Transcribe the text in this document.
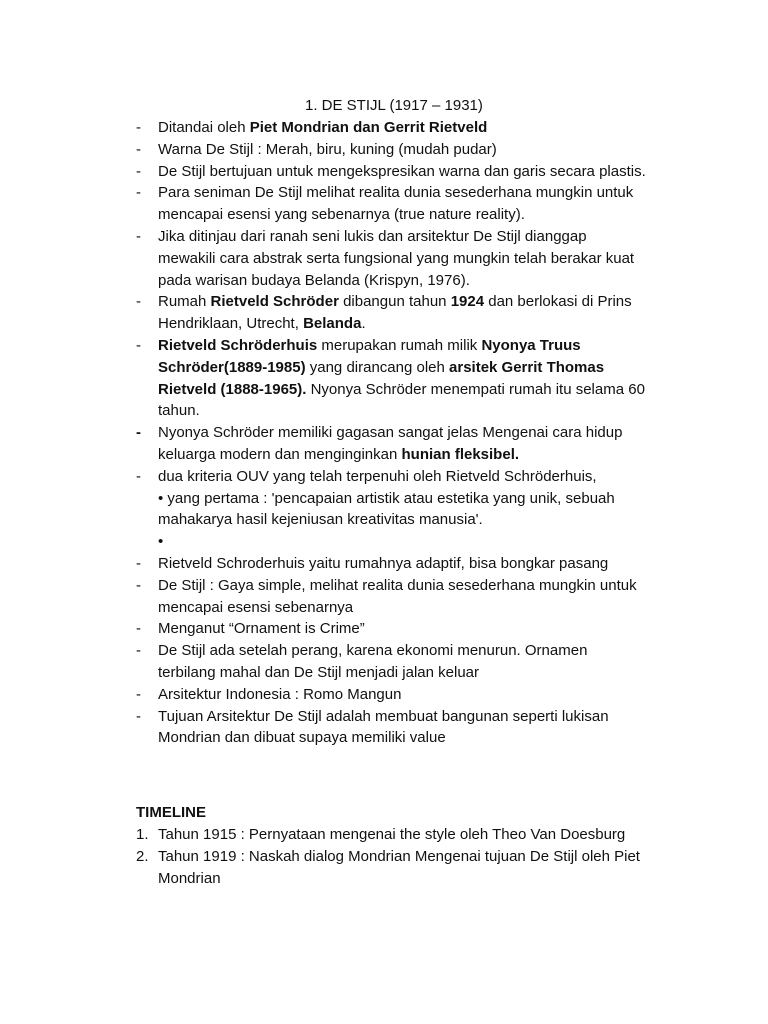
1. DE STIJL (1917 – 1931)
- Ditandai oleh Piet Mondrian dan Gerrit Rietveld
- Warna De Stijl : Merah, biru, kuning (mudah pudar)
- De Stijl bertujuan untuk mengekspresikan warna dan garis secara plastis.
- Para seniman De Stijl melihat realita dunia sesederhana mungkin untuk
mencapai esensi yang sebenarnya (true nature reality).
- Jika ditinjau dari ranah seni lukis dan arsitektur De Stijl dianggap
mewakili cara abstrak serta fungsional yang mungkin telah berakar kuat
pada warisan budaya Belanda (Krispyn, 1976).
- Rumah Rietveld Schröder dibangun tahun 1924 dan berlokasi di Prins
Hendriklaan, Utrecht, Belanda.
- Rietveld Schröderhuis merupakan rumah milik Nyonya Truus
Schröder(1889-1985) yang dirancang oleh arsitek Gerrit Thomas
Rietveld (1888-1965). Nyonya Schröder menempati rumah itu selama 60
tahun.
- Nyonya Schröder memiliki gagasan sangat jelas Mengenai cara hidup
keluarga modern dan menginginkan hunian fleksibel.
- dua kriteria OUV yang telah terpenuhi oleh Rietveld Schröderhuis,
• yang pertama : 'pencapaian artistik atau estetika yang unik, sebuah
mahakarya hasil kejeniusan kreativitas manusia'.
•
- Rietveld Schroderhuis yaitu rumahnya adaptif, bisa bongkar pasang
- De Stijl : Gaya simple, melihat realita dunia sesederhana mungkin untuk
mencapai esensi sebenarnya
- Menganut “Ornament is Crime”
- De Stijl ada setelah perang, karena ekonomi menurun. Ornamen
terbilang mahal dan De Stijl menjadi jalan keluar
- Arsitektur Indonesia : Romo Mangun
- Tujuan Arsitektur De Stijl adalah membuat bangunan seperti lukisan
Mondrian dan dibuat supaya memiliki value
TIMELINE
1. Tahun 1915 : Pernyataan mengenai the style oleh Theo Van Doesburg
2. Tahun 1919 : Naskah dialog Mondrian Mengenai tujuan De Stijl oleh Piet
Mondrian
